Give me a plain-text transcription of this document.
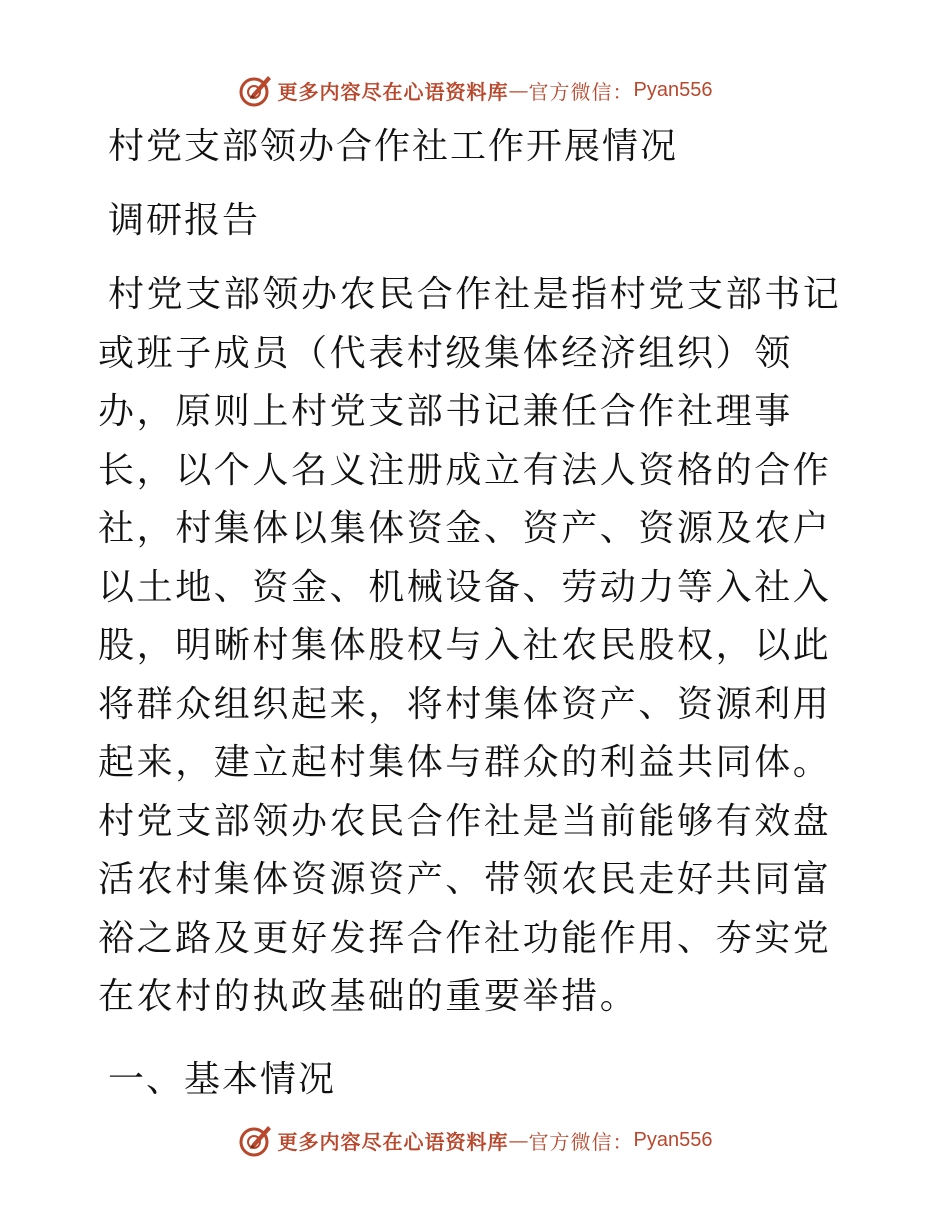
更多内容尽在心语资料库 — 官方微信： Pyan556
村党支部领办合作社工作开展情况
调研报告

村党支部领办农民合作社是指村党支部书记或班子成员（代表村级集体经济组织）领办，原则上村党支部书记兼任合作社理事长，以个人名义注册成立有法人资格的合作社，村集体以集体资金、资产、资源及农户以土地、资金、机械设备、劳动力等入社入股，明晰村集体股权与入社农民股权，以此将群众组织起来，将村集体资产、资源利用起来，建立起村集体与群众的利益共同体。村党支部领办农民合作社是当前能够有效盘活农村集体资源资产、带领农民走好共同富裕之路及更好发挥合作社功能作用、夯实党在农村的执政基础的重要举措。

一、基本情况
更多内容尽在心语资料库 — 官方微信： Pyan556
